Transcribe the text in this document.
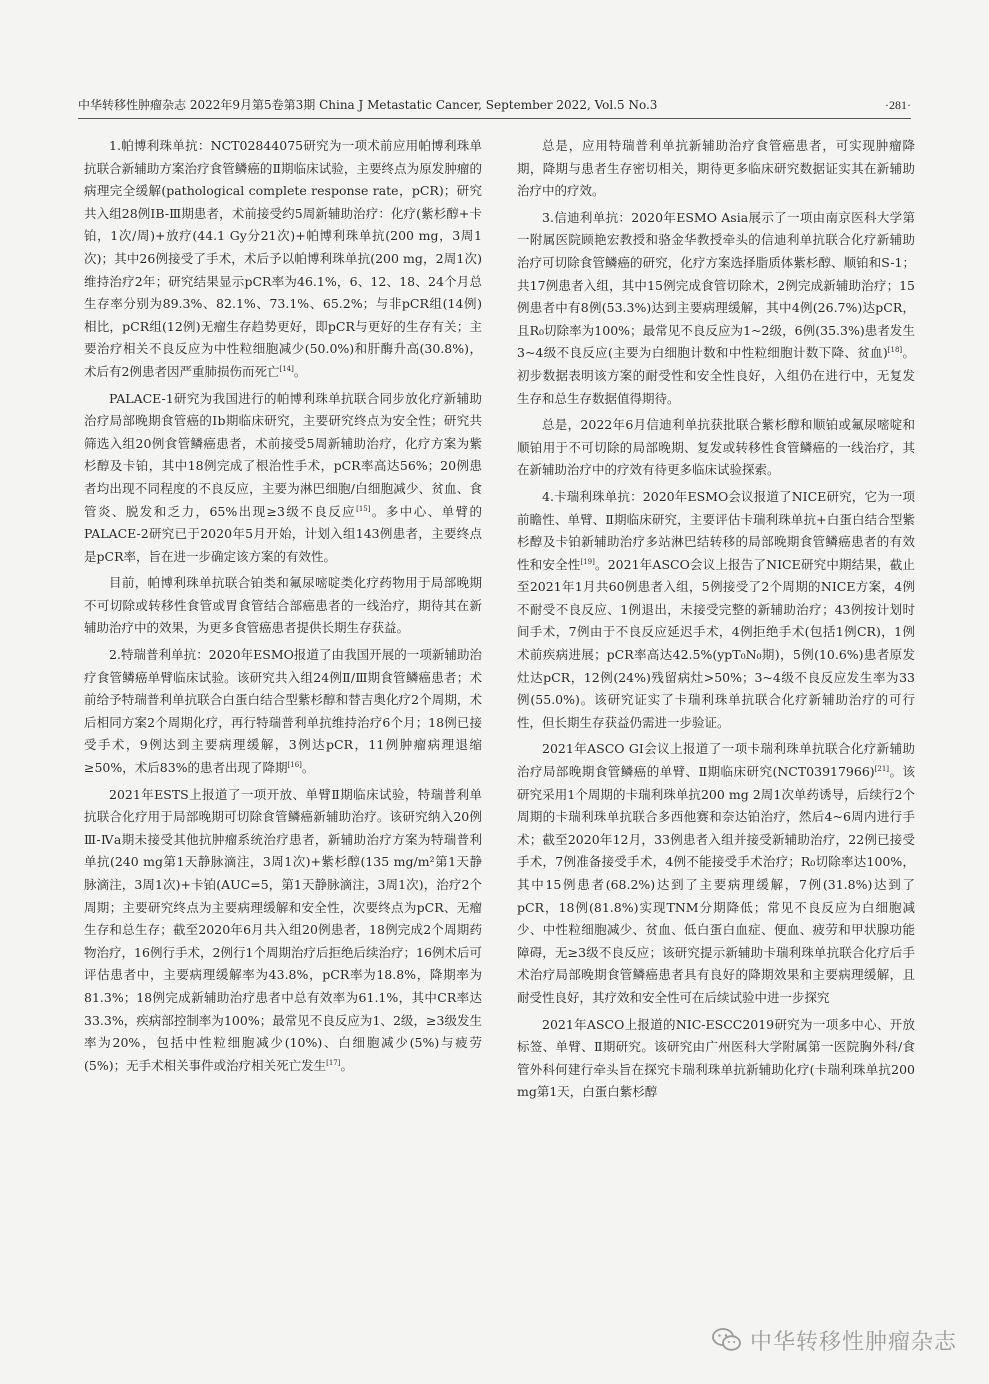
中华转移性肿瘤杂志 2022年9月第5卷第3期 China J Metastatic Cancer, September 2022, Vol.5 No.3	·281·

1.帕博利珠单抗：NCT02844075研究为一项术前应用帕博利珠单抗联合新辅助方案治疗食管鳞癌的Ⅱ期临床试验，主要终点为原发肿瘤的病理完全缓解(pathological complete response rate，pCR)；研究共入组28例ⅠB-Ⅲ期患者，术前接受约5周新辅助治疗：化疗(紫杉醇+卡铂，1次/周)+放疗(44.1 Gy分21次)+帕博利珠单抗(200 mg，3周1次)；其中26例接受了手术，术后予以帕博利珠单抗(200 mg，2周1次)维持治疗2年；研究结果显示pCR率为46.1%，6、12、18、24个月总生存率分别为89.3%、82.1%、73.1%、65.2%；与非pCR组(14例)相比，pCR组(12例)无瘤生存趋势更好，即pCR与更好的生存有关；主要治疗相关不良反应为中性粒细胞减少(50.0%)和肝酶升高(30.8%)，术后有2例患者因严重肺损伤而死亡[14]。

PALACE-1研究为我国进行的帕博利珠单抗联合同步放化疗新辅助治疗局部晚期食管癌的Ⅰb期临床研究，主要研究终点为安全性；研究共筛选入组20例食管鳞癌患者，术前接受5周新辅助治疗，化疗方案为紫杉醇及卡铂，其中18例完成了根治性手术，pCR率高达56%；20例患者均出现不同程度的不良反应，主要为淋巴细胞/白细胞减少、贫血、食管炎、脱发和乏力，65%出现≥3级不良反应[15]。多中心、单臂的PALACE-2研究已于2020年5月开始，计划入组143例患者，主要终点是pCR率，旨在进一步确定该方案的有效性。

目前，帕博利珠单抗联合铂类和氟尿嘧啶类化疗药物用于局部晚期不可切除或转移性食管或胃食管结合部癌患者的一线治疗，期待其在新辅助治疗中的效果，为更多食管癌患者提供长期生存获益。

2.特瑞普利单抗：2020年ESMO报道了由我国开展的一项新辅助治疗食管鳞癌单臂临床试验。该研究共入组24例Ⅱ/Ⅲ期食管鳞癌患者；术前给予特瑞普利单抗联合白蛋白结合型紫杉醇和替吉奥化疗2个周期，术后相同方案2个周期化疗，再行特瑞普利单抗维持治疗6个月；18例已接受手术，9例达到主要病理缓解，3例达pCR，11例肿瘤病理退缩≥50%，术后83%的患者出现了降期[16]。

2021年ESTS上报道了一项开放、单臂Ⅱ期临床试验，特瑞普利单抗联合化疗用于局部晚期可切除食管鳞癌新辅助治疗。该研究纳入20例Ⅲ-Ⅳa期未接受其他抗肿瘤系统治疗患者，新辅助治疗方案为特瑞普利单抗(240 mg第1天静脉滴注，3周1次)+紫杉醇(135 mg/m²第1天静脉滴注，3周1次)+卡铂(AUC=5，第1天静脉滴注，3周1次)，治疗2个周期；主要研究终点为主要病理缓解和安全性，次要终点为pCR、无瘤生存和总生存；截至2020年6月共入组20例患者，18例完成2个周期药物治疗，16例行手术，2例行1个周期治疗后拒绝后续治疗；16例术后可评估患者中，主要病理缓解率为43.8%，pCR率为18.8%，降期率为81.3%；18例完成新辅助治疗患者中总有效率为61.1%，其中CR率达33.3%，疾病部控制率为100%；最常见不良反应为1、2级，≥3级发生率为20%，包括中性粒细胞减少(10%)、白细胞减少(5%)与疲劳(5%)；无手术相关事件或治疗相关死亡发生[17]。

总是，应用特瑞普利单抗新辅助治疗食管癌患者，可实现肿瘤降期，降期与患者生存密切相关，期待更多临床研究数据证实其在新辅助治疗中的疗效。

3.信迪利单抗：2020年ESMO Asia展示了一项由南京医科大学第一附属医院顾艳宏教授和骆金华教授牵头的信迪利单抗联合化疗新辅助治疗可切除食管鳞癌的研究，化疗方案选择脂质体紫杉醇、顺铂和S-1；共17例患者入组，其中15例完成食管切除术，2例完成新辅助治疗；15例患者中有8例(53.3%)达到主要病理缓解，其中4例(26.7%)达pCR，且R₀切除率为100%；最常见不良反应为1~2级，6例(35.3%)患者发生3~4级不良反应(主要为白细胞计数和中性粒细胞计数下降、贫血)[18]。初步数据表明该方案的耐受性和安全性良好，入组仍在进行中，无复发生存和总生存数据值得期待。

总是，2022年6月信迪利单抗获批联合紫杉醇和顺铂或氟尿嘧啶和顺铂用于不可切除的局部晚期、复发或转移性食管鳞癌的一线治疗，其在新辅助治疗中的疗效有待更多临床试验探索。

4.卡瑞利珠单抗：2020年ESMO会议报道了NICE研究，它为一项前瞻性、单臂、Ⅱ期临床研究，主要评估卡瑞利珠单抗+白蛋白结合型紫杉醇及卡铂新辅助治疗多站淋巴结转移的局部晚期食管鳞癌患者的有效性和安全性[19]。2021年ASCO会议上报告了NICE研究中期结果，截止至2021年1月共60例患者入组，5例接受了2个周期的NICE方案，4例不耐受不良反应、1例退出，未接受完整的新辅助治疗；43例按计划时间手术，7例由于不良反应延迟手术，4例拒绝手术(包括1例CR)，1例术前疾病进展；pCR率高达42.5%(ypT₀N₀期)，5例(10.6%)患者原发灶达pCR，12例(24%)残留病灶>50%；3~4级不良反应发生率为33例(55.0%)。该研究证实了卡瑞利珠单抗联合化疗新辅助治疗的可行性，但长期生存获益仍需进一步验证。

2021年ASCO GI会议上报道了一项卡瑞利珠单抗联合化疗新辅助治疗局部晚期食管鳞癌的单臂、Ⅱ期临床研究(NCT03917966)[21]。该研究采用1个周期的卡瑞利珠单抗200 mg 2周1次单药诱导，后续行2个周期的卡瑞利珠单抗联合多西他赛和奈达铂治疗，然后4~6周内进行手术；截至2020年12月，33例患者入组并接受新辅助治疗，22例已接受手术，7例准备接受手术，4例不能接受手术治疗；R₀切除率达100%，其中15例患者(68.2%)达到了主要病理缓解，7例(31.8%)达到了pCR，18例(81.8%)实现TNM分期降低；常见不良反应为白细胞减少、中性粒细胞减少、贫血、低白蛋白血症、便血、疲劳和甲状腺功能障碍，无≥3级不良反应；该研究提示新辅助卡瑞利珠单抗联合化疗后手术治疗局部晚期食管鳞癌患者具有良好的降期效果和主要病理缓解，且耐受性良好，其疗效和安全性可在后续试验中进一步探究

2021年ASCO上报道的NIC-ESCC2019研究为一项多中心、开放标签、单臂、Ⅱ期研究。该研究由广州医科大学附属第一医院胸外科/食管外科何建行牵头旨在探究卡瑞利珠单抗新辅助化疗(卡瑞利珠单抗200 mg第1天，白蛋白紫杉醇

中华转移性肿瘤杂志
